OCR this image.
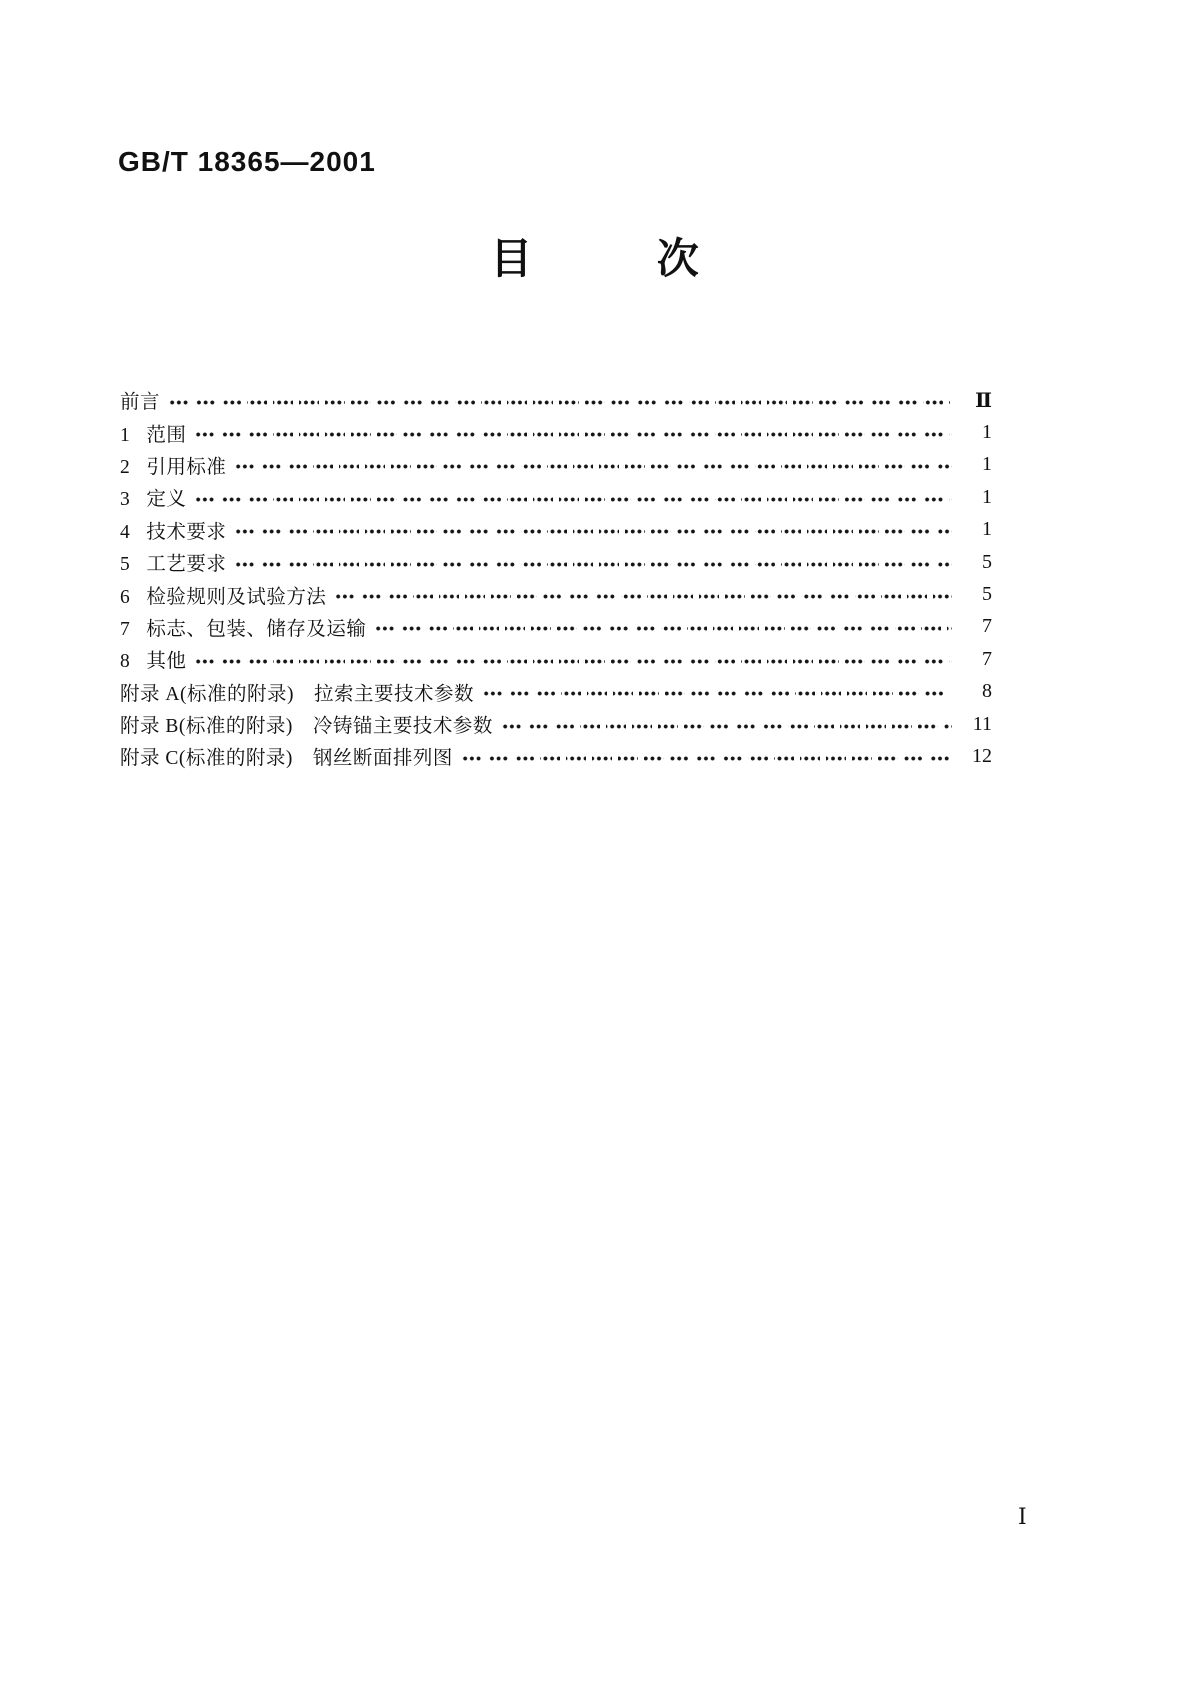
GB/T 18365—2001
目 次
前言	Ⅱ
1   范围	1
2   引用标准	1
3   定义	1
4   技术要求	1
5   工艺要求	5
6   检验规则及试验方法	5
7   标志、包装、储存及运输	7
8   其他	7
附录 A(标准的附录)　拉索主要技术参数	8
附录 B(标准的附录)　冷铸锚主要技术参数	11
附录 C(标准的附录)　钢丝断面排列图	12
Ⅰ
